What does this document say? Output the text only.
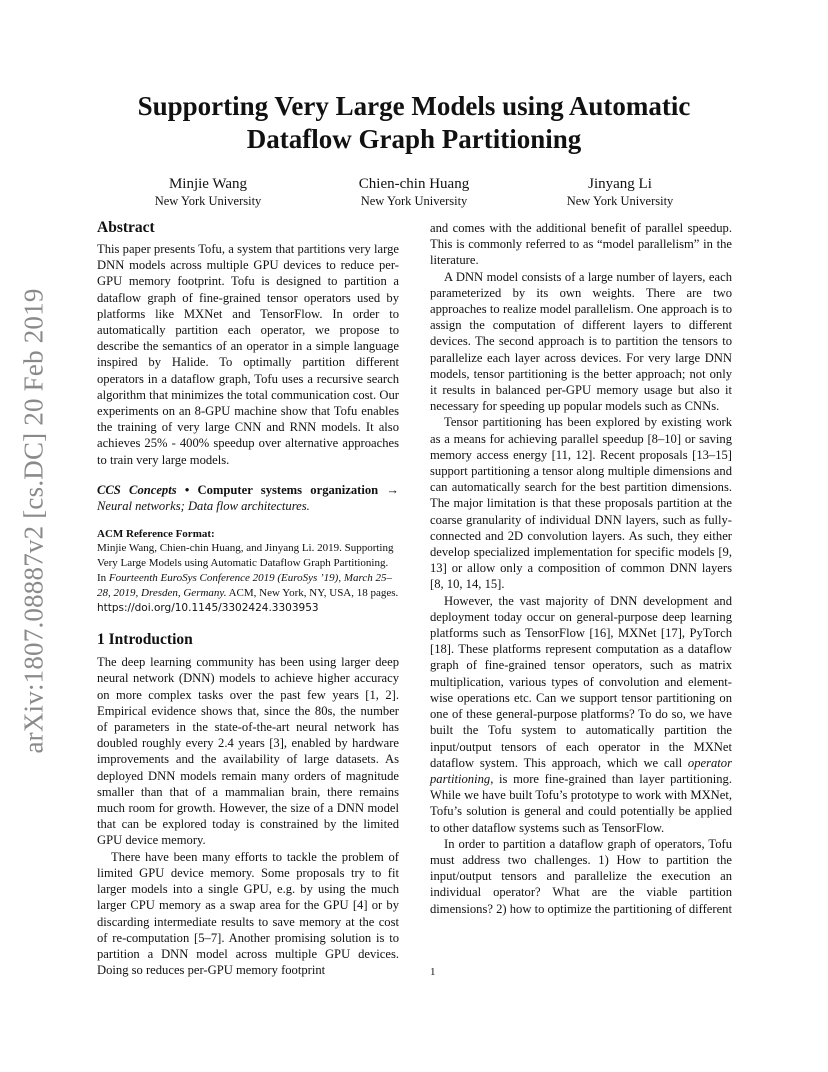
arXiv:1807.08887v2 [cs.DC] 20 Feb 2019
Supporting Very Large Models using Automatic
Dataflow Graph Partitioning
Minjie Wang
New York University
Chien-chin Huang
New York University
Jinyang Li
New York University
Abstract

This paper presents Tofu, a system that partitions very large DNN models across multiple GPU devices to reduce per-GPU memory footprint. Tofu is designed to partition a dataflow graph of fine-grained tensor operators used by platforms like MXNet and TensorFlow. In order to automatically partition each operator, we propose to describe the semantics of an operator in a simple language inspired by Halide. To optimally partition different operators in a dataflow graph, Tofu uses a recursive search algorithm that minimizes the total communication cost. Our experiments on an 8-GPU machine show that Tofu enables the training of very large CNN and RNN models. It also achieves 25% - 400% speedup over alternative approaches to train very large models.

CCS Concepts • Computer systems organization → Neural networks; Data flow architectures.

ACM Reference Format:

Minjie Wang, Chien-chin Huang, and Jinyang Li. 2019. Supporting Very Large Models using Automatic Dataflow Graph Partitioning. In Fourteenth EuroSys Conference 2019 (EuroSys ’19), March 25–28, 2019, Dresden, Germany. ACM, New York, NY, USA, 18 pages. https://doi.org/10.1145/3302424.3303953

1 Introduction

The deep learning community has been using larger deep neural network (DNN) models to achieve higher accuracy on more complex tasks over the past few years [1, 2]. Empirical evidence shows that, since the 80s, the number of parameters in the state-of-the-art neural network has doubled roughly every 2.4 years [3], enabled by hardware improvements and the availability of large datasets. As deployed DNN models remain many orders of magnitude smaller than that of a mammalian brain, there remains much room for growth. However, the size of a DNN model that can be explored today is constrained by the limited GPU device memory.

There have been many efforts to tackle the problem of limited GPU device memory. Some proposals try to fit larger models into a single GPU, e.g. by using the much larger CPU memory as a swap area for the GPU [4] or by discarding intermediate results to save memory at the cost of re-computation [5–7]. Another promising solution is to partition a DNN model across multiple GPU devices. Doing so reduces per-GPU memory footprint

and comes with the additional benefit of parallel speedup. This is commonly referred to as “model parallelism” in the literature.

A DNN model consists of a large number of layers, each parameterized by its own weights. There are two approaches to realize model parallelism. One approach is to assign the computation of different layers to different devices. The second approach is to partition the tensors to parallelize each layer across devices. For very large DNN models, tensor partitioning is the better approach; not only it results in balanced per-GPU memory usage but also it necessary for speeding up popular models such as CNNs.

Tensor partitioning has been explored by existing work as a means for achieving parallel speedup [8–10] or saving memory access energy [11, 12]. Recent proposals [13–15] support partitioning a tensor along multiple dimensions and can automatically search for the best partition dimensions. The major limitation is that these proposals partition at the coarse granularity of individual DNN layers, such as fully-connected and 2D convolution layers. As such, they either develop specialized implementation for specific models [9, 13] or allow only a composition of common DNN layers [8, 10, 14, 15].

However, the vast majority of DNN development and deployment today occur on general-purpose deep learning platforms such as TensorFlow [16], MXNet [17], PyTorch [18]. These platforms represent computation as a dataflow graph of fine-grained tensor operators, such as matrix multiplication, various types of convolution and element-wise operations etc. Can we support tensor partitioning on one of these general-purpose platforms? To do so, we have built the Tofu system to automatically partition the input/output tensors of each operator in the MXNet dataflow system. This approach, which we call operator partitioning, is more fine-grained than layer partitioning. While we have built Tofu’s prototype to work with MXNet, Tofu’s solution is general and could potentially be applied to other dataflow systems such as TensorFlow.

In order to partition a dataflow graph of operators, Tofu must address two challenges. 1) How to partition the input/output tensors and parallelize the execution an individual operator? What are the viable partition dimensions? 2) how to optimize the partitioning of different

1
